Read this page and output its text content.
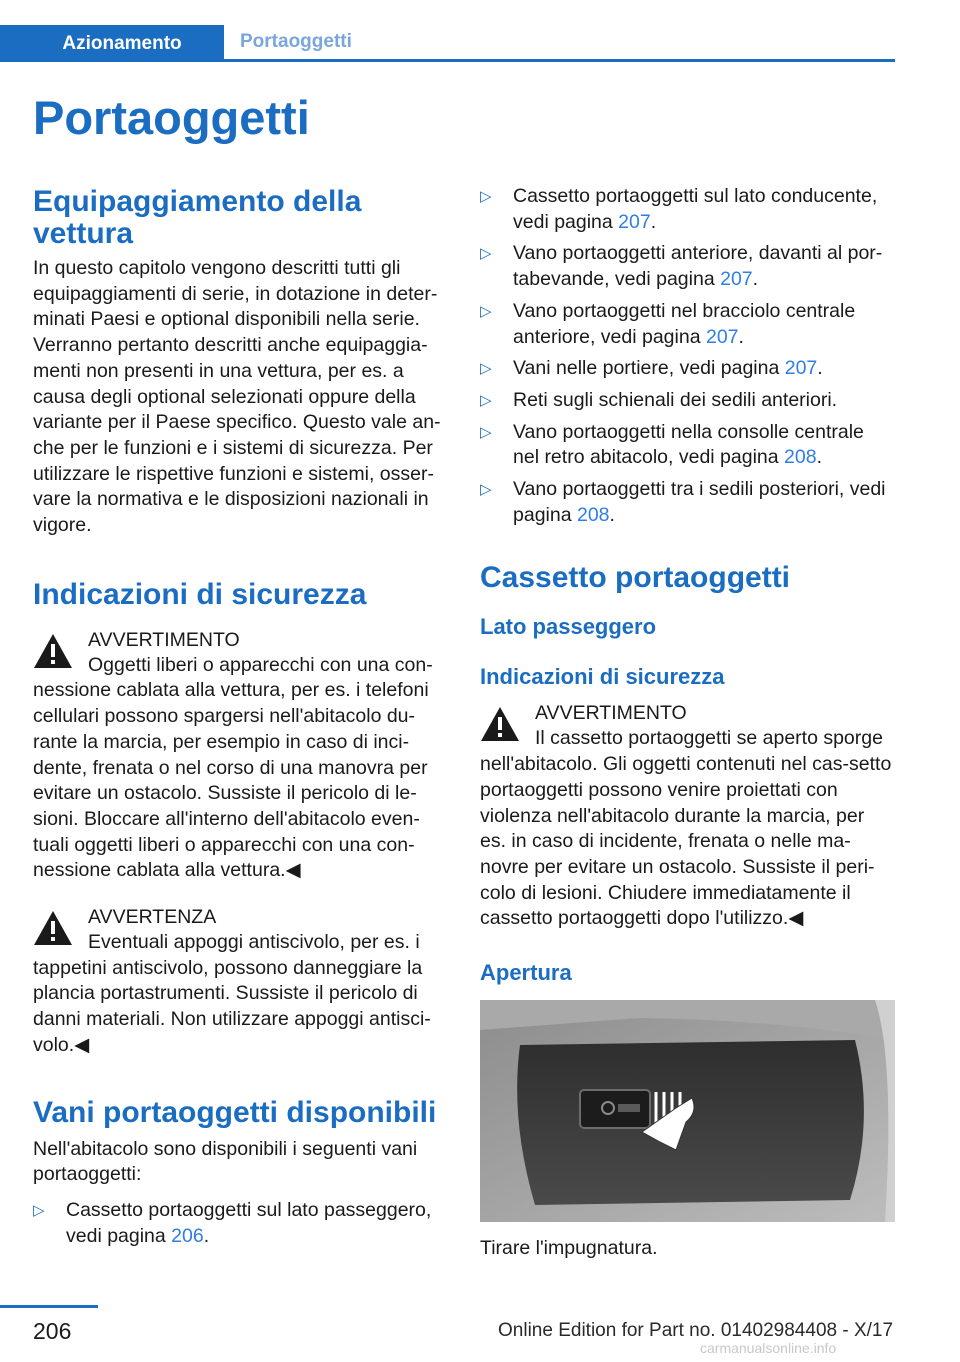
Azionamento	Portaoggetti
Portaoggetti
Equipaggiamento della vettura

In questo capitolo vengono descritti tutti gli equipaggiamenti di serie, in dotazione in deter-minati Paesi e optional disponibili nella serie. Verranno pertanto descritti anche equipaggia-menti non presenti in una vettura, per es. a causa degli optional selezionati oppure della variante per il Paese specifico. Questo vale an-che per le funzioni e i sistemi di sicurezza. Per utilizzare le rispettive funzioni e sistemi, osser-vare la normativa e le disposizioni nazionali in vigore.

Indicazioni di sicurezza
AVVERTIMENTO
Oggetti liberi o apparecchi con una con-
nessione cablata alla vettura, per es. i telefoni cellulari possono spargersi nell'abitacolo du-rante la marcia, per esempio in caso di inci-dente, frenata o nel corso di una manovra per evitare un ostacolo. Sussiste il pericolo di le-sioni. Bloccare all'interno dell'abitacolo even-tuali oggetti liberi o apparecchi con una con-nessione cablata alla vettura.◀
AVVERTENZA
Eventuali appoggi antiscivolo, per es. i
tappetini antiscivolo, possono danneggiare la plancia portastrumenti. Sussiste il pericolo di danni materiali. Non utilizzare appoggi antisci-volo.◀
Vani portaoggetti disponibili

Nell'abitacolo sono disponibili i seguenti vani portaoggetti:

▷ Cassetto portaoggetti sul lato passeggero, vedi pagina 206.
▷ Cassetto portaoggetti sul lato conducente, vedi pagina 207.
▷ Vano portaoggetti anteriore, davanti al por-tabevande, vedi pagina 207.
▷ Vano portaoggetti nel bracciolo centrale anteriore, vedi pagina 207.
▷ Vani nelle portiere, vedi pagina 207.
▷ Reti sugli schienali dei sedili anteriori.
▷ Vano portaoggetti nella consolle centrale nel retro abitacolo, vedi pagina 208.
▷ Vano portaoggetti tra i sedili posteriori, vedi pagina 208.
Cassetto portaoggetti
Lato passeggero
Indicazioni di sicurezza
AVVERTIMENTO
Il cassetto portaoggetti se aperto sporge
nell'abitacolo. Gli oggetti contenuti nel cas-setto portaoggetti possono venire proiettati con violenza nell'abitacolo durante la marcia, per es. in caso di incidente, frenata o nelle ma-novre per evitare un ostacolo. Sussiste il peri-colo di lesioni. Chiudere immediatamente il cassetto portaoggetti dopo l'utilizzo.◀
Apertura

Tirare l'impugnatura.

206	Online Edition for Part no. 01402984408 - X/17
carmanualsonline.info
